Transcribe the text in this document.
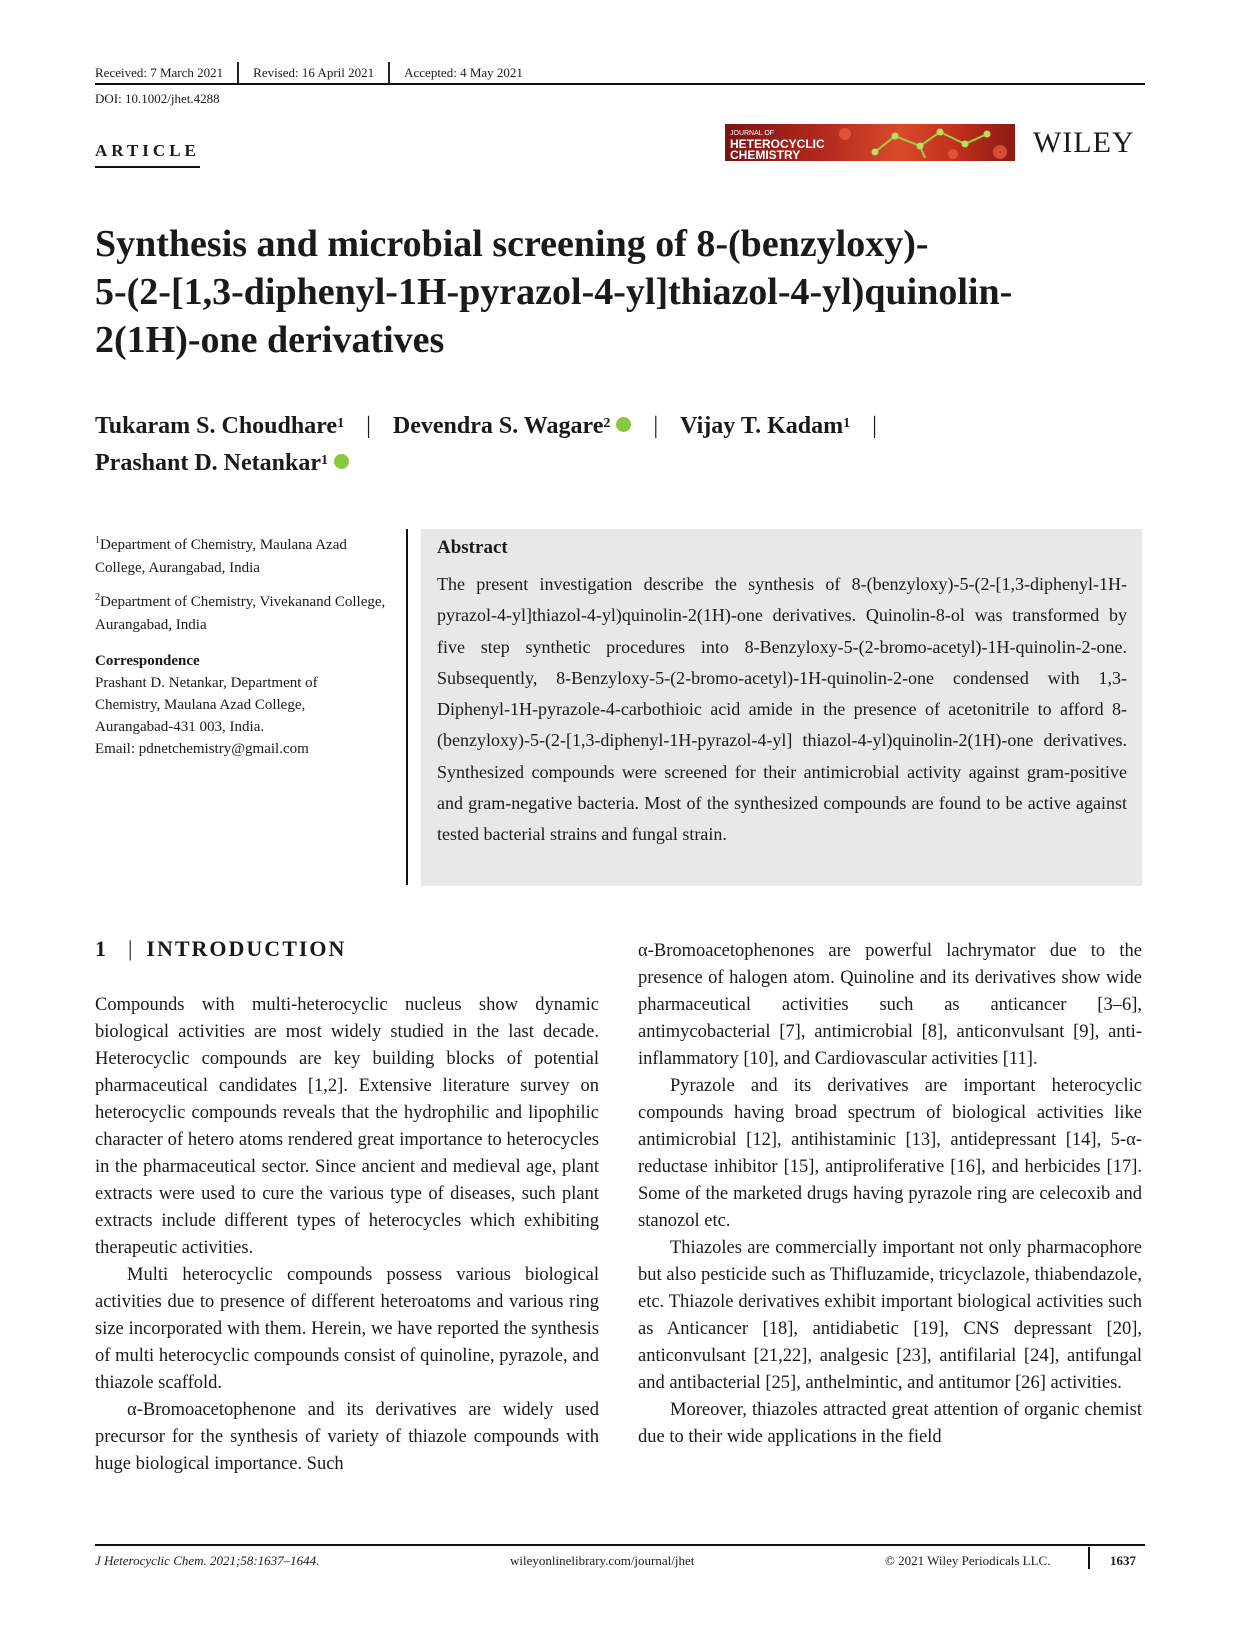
Received: 7 March 2021	Revised: 16 April 2021	Accepted: 4 May 2021
DOI: 10.1002/jhet.4288
ARTICLE
JOURNAL OF
HETEROCYCLIC
CHEMISTRY	WILEY
Synthesis and microbial screening of 8-(benzyloxy)-
5-(2-[1,3-diphenyl-1H-pyrazol-4-yl]thiazol-4-yl)quinolin-
2(1H)-one derivatives
Tukaram S. Choudhare$^1$ | Devendra S. Wagare$^2$ | Vijay T. Kadam$^1$ |
Prashant D. Netankar$^1$

$^1$Department of Chemistry, Maulana Azad College, Aurangabad, India

$^2$Department of Chemistry, Vivekanand College, Aurangabad, India

Correspondence
Prashant D. Netankar, Department of
Chemistry, Maulana Azad College,
Aurangabad-431 003, India.
Email: pdnetchemistry@gmail.com
Abstract

The present investigation describe the synthesis of 8-(benzyloxy)-5-(2-[1,3-diphenyl-1H-pyrazol-4-yl]thiazol-4-yl)quinolin-2(1H)-one derivatives. Quinolin-8-ol was transformed by five step synthetic procedures into 8-Benzyloxy-5-(2-bromo-acetyl)-1H-quinolin-2-one. Subsequently, 8-Benzyloxy-5-(2-bromo-acetyl)-1H-quinolin-2-one condensed with 1,3-Diphenyl-1H-pyrazole-4-carbothioic acid amide in the presence of acetonitrile to afford 8-(benzyloxy)-5-(2-[1,3-diphenyl-1H-pyrazol-4-yl] thiazol-4-yl)quinolin-2(1H)-one derivatives. Synthesized compounds were screened for their antimicrobial activity against gram-positive and gram-negative bacteria. Most of the synthesized compounds are found to be active against tested bacterial strains and fungal strain.

1 | INTRODUCTION

Compounds with multi-heterocyclic nucleus show dynamic biological activities are most widely studied in the last decade. Heterocyclic compounds are key building blocks of potential pharmaceutical candidates [1,2]. Extensive literature survey on heterocyclic compounds reveals that the hydrophilic and lipophilic character of hetero atoms rendered great importance to heterocycles in the pharmaceutical sector. Since ancient and medieval age, plant extracts were used to cure the various type of diseases, such plant extracts include different types of heterocycles which exhibiting therapeutic activities.

Multi heterocyclic compounds possess various biological activities due to presence of different heteroatoms and various ring size incorporated with them. Herein, we have reported the synthesis of multi heterocyclic compounds consist of quinoline, pyrazole, and thiazole scaffold.

α-Bromoacetophenone and its derivatives are widely used precursor for the synthesis of variety of thiazole compounds with huge biological importance. Such

α-Bromoacetophenones are powerful lachrymator due to the presence of halogen atom. Quinoline and its derivatives show wide pharmaceutical activities such as anticancer [3–6], antimycobacterial [7], antimicrobial [8], anticonvulsant [9], anti-inflammatory [10], and Cardiovascular activities [11].

Pyrazole and its derivatives are important heterocyclic compounds having broad spectrum of biological activities like antimicrobial [12], antihistaminic [13], antidepressant [14], 5-α-reductase inhibitor [15], antiproliferative [16], and herbicides [17]. Some of the marketed drugs having pyrazole ring are celecoxib and stanozol etc.

Thiazoles are commercially important not only pharmacophore but also pesticide such as Thifluzamide, tricyclazole, thiabendazole, etc. Thiazole derivatives exhibit important biological activities such as Anticancer [18], antidiabetic [19], CNS depressant [20], anticonvulsant [21,22], analgesic [23], antifilarial [24], antifungal and antibacterial [25], anthelmintic, and antitumor [26] activities.

Moreover, thiazoles attracted great attention of organic chemist due to their wide applications in the field

J Heterocyclic Chem. 2021;58:1637–1644.	wileyonlinelibrary.com/journal/jhet	© 2021 Wiley Periodicals LLC.	1637
